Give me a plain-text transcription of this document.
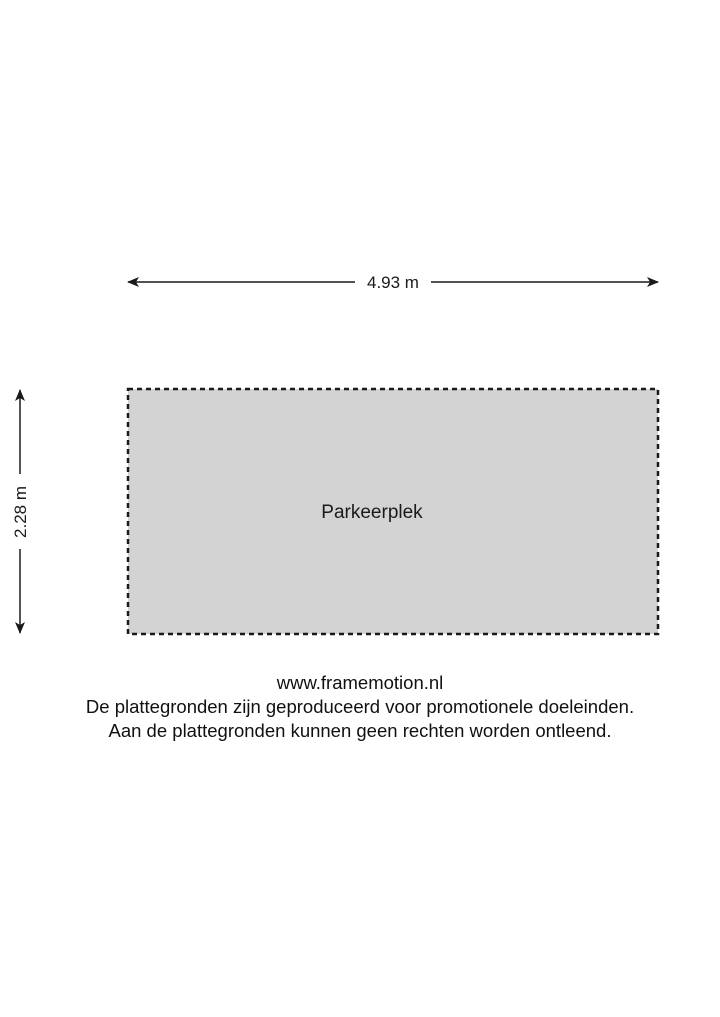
4.93 m
2.28 m	Parkeerplek
www.framemotion.nl
De plattegronden zijn geproduceerd voor promotionele doeleinden.
Aan de plattegronden kunnen geen rechten worden ontleend.
